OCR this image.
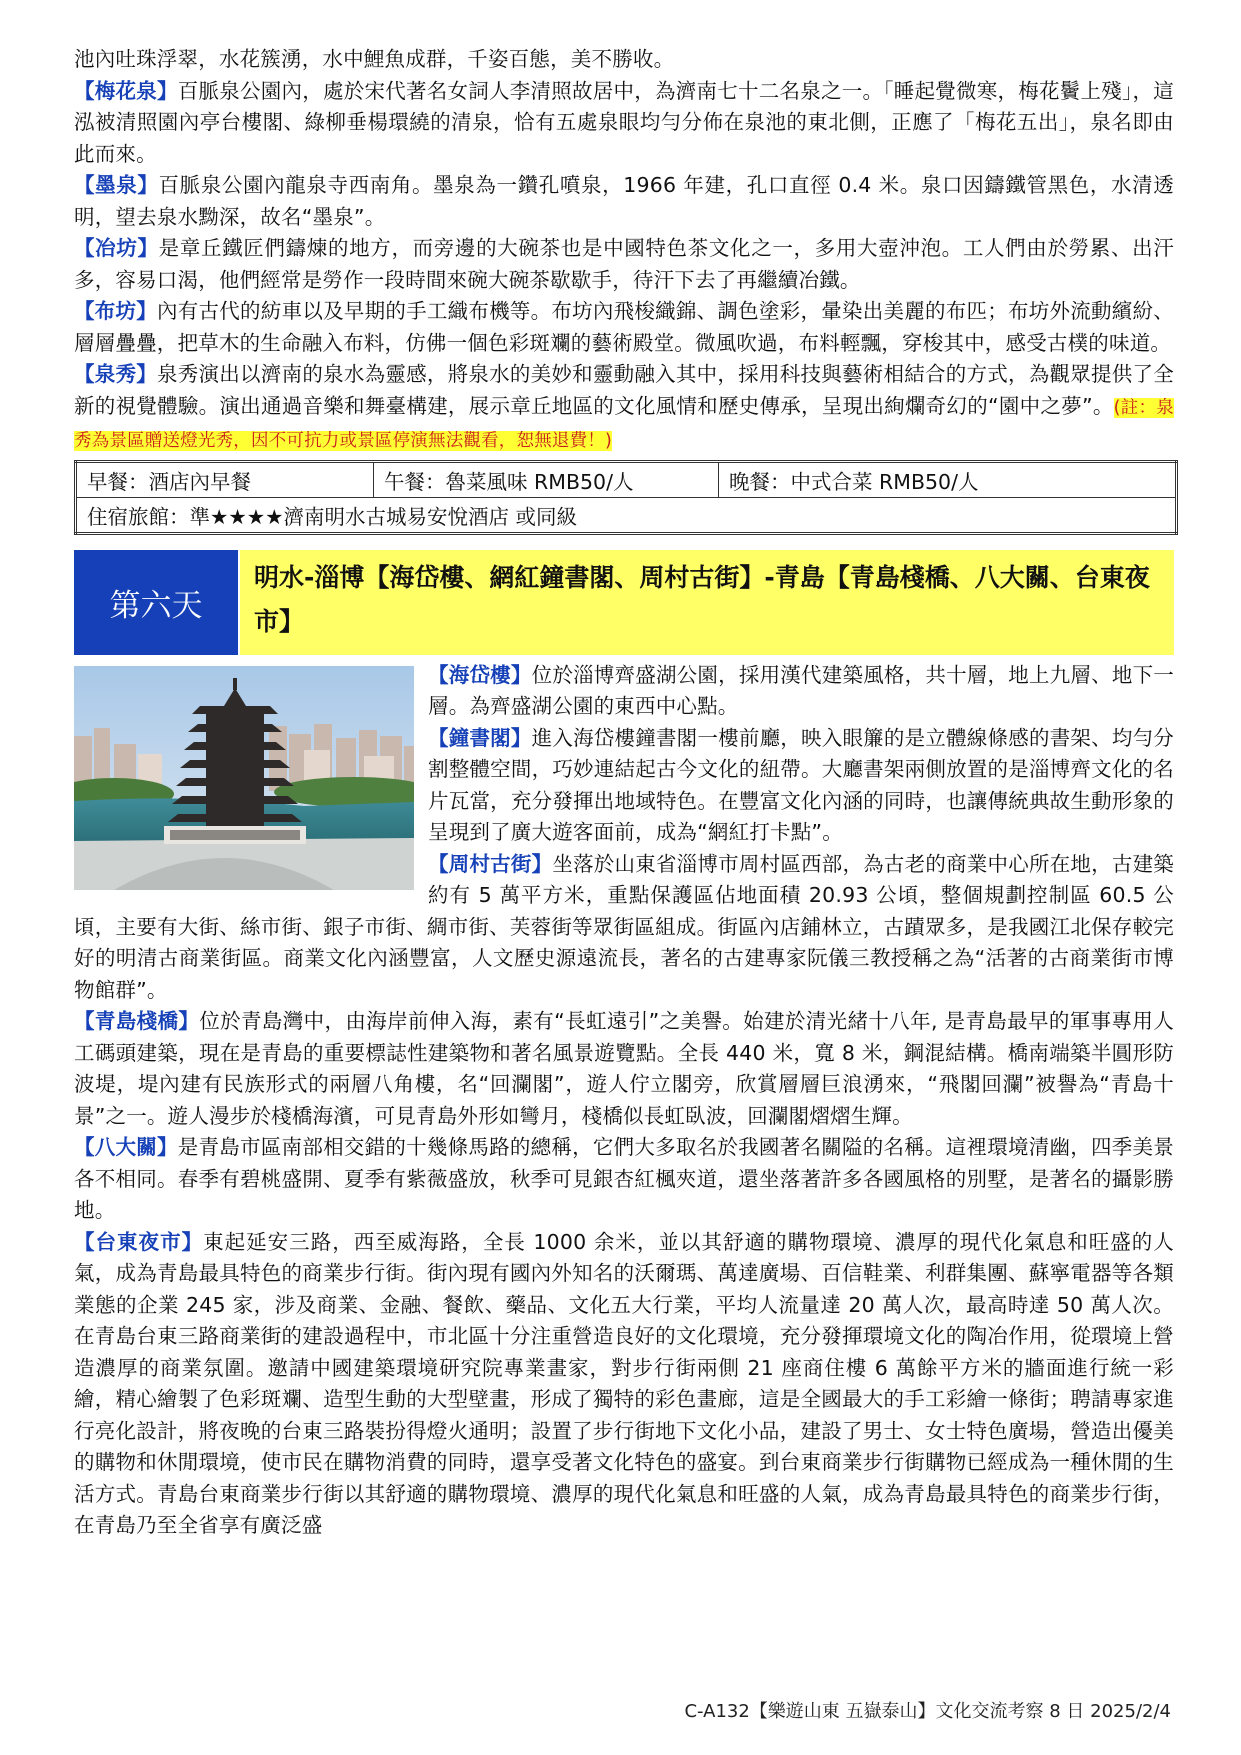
池內吐珠浮翠，水花簇湧，水中鯉魚成群，千姿百態，美不勝收。

【梅花泉】百脈泉公園內，處於宋代著名女詞人李清照故居中，為濟南七十二名泉之一。「睡起覺微寒，梅花鬢上殘」，這泓被清照園內亭台樓閣、綠柳垂楊環繞的清泉，恰有五處泉眼均勻分佈在泉池的東北側，正應了「梅花五出」，泉名即由此而來。

【墨泉】百脈泉公園內龍泉寺西南角。墨泉為一鑽孔噴泉，1966 年建，孔口直徑 0.4 米。泉口因鑄鐵管黑色，水清透明，望去泉水黝深，故名“墨泉”。

【冶坊】是章丘鐵匠們鑄煉的地方，而旁邊的大碗茶也是中國特色茶文化之一，多用大壺沖泡。工人們由於勞累、出汗多，容易口渴，他們經常是勞作一段時間來碗大碗茶歇歇手，待汗下去了再繼續冶鐵。

【布坊】內有古代的紡車以及早期的手工織布機等。布坊內飛梭織錦、調色塗彩，暈染出美麗的布匹；布坊外流動繽紛、層層疊疊，把草木的生命融入布料，仿佛一個色彩斑斕的藝術殿堂。微風吹過，布料輕飄，穿梭其中，感受古樸的味道。

【泉秀】泉秀演出以濟南的泉水為靈感，將泉水的美妙和靈動融入其中，採用科技與藝術相結合的方式，為觀眾提供了全新的視覺體驗。演出通過音樂和舞臺構建，展示章丘地區的文化風情和歷史傳承，呈現出絢爛奇幻的“園中之夢”。(註：泉秀為景區贈送燈光秀，因不可抗力或景區停演無法觀看，恕無退費！)

早餐：酒店內早餐	午餐：魯菜風味 RMB50/人	晚餐：中式合菜 RMB50/人
住宿旅館：準★★★★濟南明水古城易安悅酒店 或同級
第六天
明水-淄博【海岱樓、網紅鐘書閣、周村古街】-青島【青島棧橋、八大關、台東夜市】

【海岱樓】位於淄博齊盛湖公園，採用漢代建築風格，共十層，地上九層、地下一層。為齊盛湖公園的東西中心點。

【鐘書閣】進入海岱樓鐘書閣一樓前廳，映入眼簾的是立體線條感的書架、均勻分割整體空間，巧妙連結起古今文化的紐帶。大廳書架兩側放置的是淄博齊文化的名片瓦當，充分發揮出地域特色。在豐富文化內涵的同時，也讓傳統典故生動形象的呈現到了廣大遊客面前，成為“網紅打卡點”。

【周村古街】坐落於山東省淄博市周村區西部，為古老的商業中心所在地，古建築約有 5 萬平方米，重點保護區佔地面積 20.93 公頃，整個規劃控制區 60.5 公頃，主要有大街、絲市街、銀子市街、綢市街、芙蓉街等眾街區組成。街區內店鋪林立，古蹟眾多，是我國江北保存較完好的明清古商業街區。商業文化內涵豐富，人文歷史源遠流長，著名的古建專家阮儀三教授稱之為“活著的古商業街市博物館群”。

【青島棧橋】位於青島灣中，由海岸前伸入海，素有“長虹遠引”之美譽。始建於清光緒十八年, 是青島最早的軍事專用人工碼頭建築，現在是青島的重要標誌性建築物和著名風景遊覽點。全長 440 米，寬 8 米，鋼混結構。橋南端築半圓形防波堤，堤內建有民族形式的兩層八角樓，名“回瀾閣”，遊人佇立閣旁，欣賞層層巨浪湧來，“飛閣回瀾”被譽為“青島十景”之一。遊人漫步於棧橋海濱，可見青島外形如彎月，棧橋似長虹臥波，回瀾閣熠熠生輝。

【八大關】是青島市區南部相交錯的十幾條馬路的總稱，它們大多取名於我國著名關隘的名稱。這裡環境清幽，四季美景各不相同。春季有碧桃盛開、夏季有紫薇盛放，秋季可見銀杏紅楓夾道，還坐落著許多各國風格的別墅，是著名的攝影勝地。

【台東夜市】東起延安三路，西至威海路，全長 1000 余米，並以其舒適的購物環境、濃厚的現代化氣息和旺盛的人氣，成為青島最具特色的商業步行街。街內現有國內外知名的沃爾瑪、萬達廣場、百信鞋業、利群集團、蘇寧電器等各類業態的企業 245 家，涉及商業、金融、餐飲、藥品、文化五大行業，平均人流量達 20 萬人次，最高時達 50 萬人次。在青島台東三路商業街的建設過程中，市北區十分注重營造良好的文化環境，充分發揮環境文化的陶冶作用，從環境上營造濃厚的商業氛圍。邀請中國建築環境研究院專業畫家，對步行街兩側 21 座商住樓 6 萬餘平方米的牆面進行統一彩繪，精心繪製了色彩斑斕、造型生動的大型壁畫，形成了獨特的彩色畫廊，這是全國最大的手工彩繪一條街；聘請專家進行亮化設計，將夜晚的台東三路裝扮得燈火通明；設置了步行街地下文化小品，建設了男士、女士特色廣場，營造出優美的購物和休閒環境，使市民在購物消費的同時，還享受著文化特色的盛宴。到台東商業步行街購物已經成為一種休閒的生活方式。青島台東商業步行街以其舒適的購物環境、濃厚的現代化氣息和旺盛的人氣，成為青島最具特色的商業步行街，在青島乃至全省享有廣泛盛

C-A132【樂遊山東 五嶽泰山】文化交流考察 8 日 2025/2/4
